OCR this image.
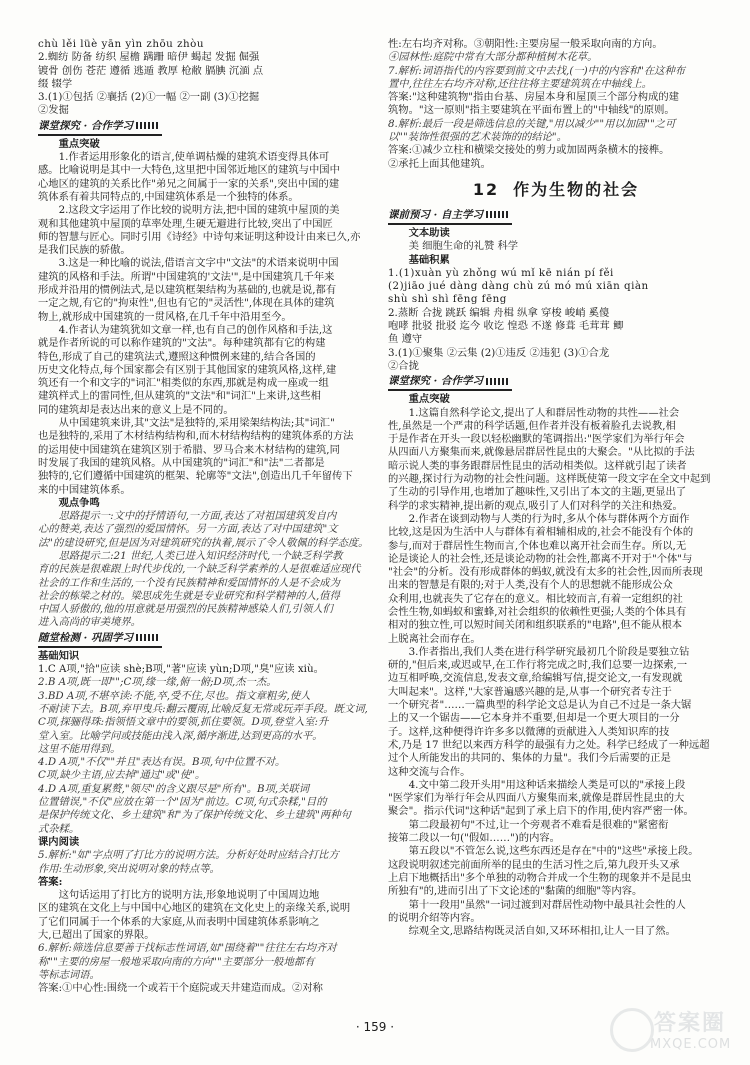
chù lěi lüè yān yìn zhōu zhòu
2.蜘纺 防备 纺织 屋檐 蹒跚 暗伊 蝎起 发掘 倔强
镀骨 创伤 苍茫 遵循 逃遁 教厚 枪敝 膈腆 沉湎 点
缀 辍学
3.(1)①包括 ②襄括 (2)①一幅 ②一副 (3)①挖掘
②发掘
课堂探究 · 合作学习
重点突破
1.作者运用形象化的语言,使单调枯燥的建筑术语变得具体可
感。比喻说明是其中一大特色,这里把中国邻近地区的建筑与中国中
心地区的建筑的关系比作"弟兄之间属于一家的关系",突出中国的建
筑体系有着共同特点的,中国建筑体系是一个独特的体系。
2.这段文字运用了作比较的说明方法,把中国的建筑中屋顶的美
观和其他建筑中屋顶的草率处理,生硬无避进行比较,突出了中国匠
师的智慧与匠心。同时引用《诗经》中诗句来证明这种设计由来已久,亦
是我们民族的骄傲。
3.这是一种比喻的说法,借语言文字中"文法"的术语来说明中国
建筑的风格和手法。所谓"中国建筑的'文法'",是中国建筑几千年来
形成并沿用的惯例法式,是以建筑框架结构为基础的,也就是说,都有
一定之规,有它的"拘束性",但也有它的"灵活性",体现在具体的建筑
物上,就形成中国建筑的一贯风格,在几千年中沿用至今。
4.作者认为建筑犹如文章一样,也有自己的创作风格和手法,这
就是作者所说的可以称作建筑的"文法"。每种建筑都有它的构建
特色,形成了自己的建筑法式,遵照这种惯例来建的,结合各国的
历史文化特点,每个国家都会有区别于其他国家的建筑风格,这样,建
筑还有一个和文字的"词汇"相类似的东西,那就是构成一座或一组
建筑样式上的雷同性,但从建筑的"文法"和"词汇"上来讲,这些相
同的建筑却是表达出来的意义上是不同的。
从中国建筑来讲,其"文法"是独特的,采用梁架结构法;其"词汇"
也是独特的,采用了木材结构结构和,而木材结构结构的建筑体系的方法
的运用使中国建筑在建筑区别于希腊、罗马合来木材结构的建筑,同
时发展了我国的建筑风格。从中国建筑的"词汇"和"法"二者都是
独特的,它们遵循中国建筑的框架、轮廓等"文法",创造出几千年留传下
来的中国建筑体系。
观点争鸣
思路提示一:文中的抒情语句,一方面,表达了对祖国建筑发自内
心的赞美,表达了强烈的爱国情怀。另一方面,表达了对中国建筑"文
法"的建设研究,但是因为对建筑研究的执着,展示了令人敬佩的科学态度。
思路提示二:21 世纪,人类已进入知识经济时代,一个缺乏科学教
育的民族是很难跟上时代步伐的,一个缺乏科学素养的人是很难适应现代
社会的工作和生活的,一个没有民族精神和爱国情怀的人是不会成为
社会的栋梁之材的。梁思成先生就是专业研究和科学精神的人,值得
中国人骄傲的,他的用意就是用强烈的民族精神感染人们,引领人们
进入高尚的审美境界。
随堂检测 · 巩固学习
基础知识
1.C A项,"拾"应读 shè;B项,"著"应读 yùn;D项,"臭"应读 xiù。
2.B A项,既一即"";C项,缘一缘,俯一俯;D项,杰一杰。
3.BD A项,不堪卒读:不能,卒,受不住,尽也。指文章粗劣,使人
不耐读下去。B项,弃甲曳兵:翻云覆雨,比喻反复无常或玩弄手段。既文词,
C项,探骊得珠:指领悟文章中的要领,抓住要领。D项,登堂入室:升
堂入室。比喻学问或技能由浅入深,循序渐进,达到更高的水平。
这里不能用得到。
4.D A项,"不仅""并且"表达有误。B项,句中位置不对。
C项,缺少主语,应去掉"通过"或"使"。
4.D A项,重复累赘,"领尽"的含义跟尽是"所有"。B项,关联词
位置错误,"不仅"应放在第一个"因为"前边。C项,句式杂糅,"目的
是保护传统文化、乡土建筑"和"为了保护传统文化、乡土建筑"两种句
式杂糅。
课内阅读
5.解析:"如"字点明了打比方的说明方法。分析好处时应结合打比方
作用:生动形象,突出说明对象的特点等。
答案:
这句话运用了打比方的说明方法,形象地说明了中国周边地
区的建筑在文化上与中国中心地区的建筑在文化史上的亲缘关系,说明
了它们同属于一个体系的大家庭,从而表明中国建筑体系影响之
大,已超出了国家的界限。
6.解析:筛选信息要善于找标志性词语,如"围绕着""往往左右均齐对
称""主要的房屋一般地采取向南的方向""主要部分一般地都有
等标志词语。
答案:①中心性:围绕一个或若干个庭院或天井建造而成。②对称
性:左右均齐对称。③朝阳性:主要房屋一般采取向南的方向。
④园林性:庭院中常有大部分都种植树木花草。
7.解析:词语指代的内容要到前文中去找,(一)中的内容和"在这种布
置中,往往左右均齐对称,还往往将主要建筑筑在中轴线上。
答案:"这种建筑物"指由台基、房屋本身和屋顶三个部分构成的建
筑物。"这一原则"指主要建筑在平面布置上的"中轴线"的原则。
8.解析:最后一段是筛选信息的关键,"用以减少""用以加固""之可
以""装饰性很强的艺术装饰的的结论"。
答案:①减少立柱和横梁交接处的剪力或加固两条横木的接榫。
②承托上面其他建筑。
12 作为生物的社会
课前预习 · 自主学习
文本助读
美 细胞生命的礼赞 科学
基础积累
1.(1)xuàn yù zhǒng wú mǐ kē nián pí fěi
(2)jiāo jué dàng dàng chù zú mó mú xiān qiàn
shù shì shì fēng fēng
2.蒸断 合拢 跳跃 编辑 舟楫 纵拿 穿梭 峻峭 奚傻
咆哮 批驳 批驳 迄今 收讫 惶恐 不遂 修葺 毛茸茸 鲫
鱼 遵守
3.(1)①聚集 ②云集 (2)①违反 ②违犯 (3)①合龙
②合拢
课堂探究 · 合作学习
重点突破
1.这篇自然科学论文,提出了人和群居性动物的共性——社会
性,虽然是一个严肃的科学话题,但作者并没有板着脸孔去说教,相
于是作者在开头一段以轻松幽默的笔调指出:"医学家们为举行年会
从四面八方聚集而来,就像悬居群居性昆虫的大聚会。"从比拟的手法
暗示说人类的事务跟群居性昆虫的活动相类似。这样就引起了读者
的兴趣,探讨行为动物的社会性问题。这样既使第一段文字在全文中起到
了生动的引导作用,也增加了趣味性,又引出了本文的主题,更显出了
科学的求实精神,提出新的观点,吸引了人们对科学的关注和热爱。
2.作者在谈到动物与人类的行为时,多从个体与群体两个方面作
比较,这是因为生活中人与群体有着相辅相成的,社会不能没有个体的
参与,而对于群居性生物而言,个体也难以离开社会而生存。所以,无
论是谈论人的社会性,还是谈论动物的社会性,都离不开对于"个体"与
"社会"的分析。没有形成群体的蚂蚁,就没有太多的社会性,因而所表现
出来的智慧是有限的;对于人类,没有个人的思想就不能形成公众
众利用,也就丧失了它存在的意义。相比较而言,有着一定组织的社
会性生物,如蚂蚁和蜜蜂,对社会组织的依赖性更强;人类的个体具有
相对的独立性,可以短时间关闭和组织联系的"电路",但不能从根本
上脱离社会而存在。
3.作者指出,我们人类在进行科学研究最初几个阶段是要独立钻
研的,"但后来,或迟或早,在工作行将完成之时,我们总要一边探索,一
边互相呼唤,交流信息,发表文章,给编辑写信,提交论文,一有发现就
大叫起来"。这样,"大家普遍感兴趣的是,从事一个研究者专注于
一个研究者"……一篇典型的科学论文总是认为自己不过是一条大锯
上的又一个锯齿——它本身并不重要,但却是一个更大项目的一分
子。这样,这种便得许许多多以微薄的贡献进入人类知识库的技
术,乃是 17 世纪以来西方科学的最强有力之处。科学已经成了一种远超
过个人所能发出的共同的、集体的力量"。我们今后需要的正是
这种交流与合作。
4.文中第二段开头用"用这种话来描绘人类是可以的"承接上段
"医学家们为举行年会从四面八方聚集而来,就像是群居性昆虫的大
聚会"。指示代词"这种话"起到了承上启下的作用,使内容严密一体。
第二段最初句"不过,让一个旁观者不难看是很难的"紧密衔
接第二段以一句("假如……")的内容。
第五段以"不管怎么说,这些东西还是存在"中的"这些"承接上段。
这段说明叙述完前面所举的昆虫的生活习性之后,第九段开头又承
上启下地概括出"多个单独的动物合并成一个生物的现象并不是昆虫
所独有"的,进而引出了下文论述的"黏菌的细胞"等内容。
第十一段用"虽然"一词过渡到对群居性动物中最具社会性的人
的说明介绍等内容。
综观全文,思路结构既灵活自如,又环环相扣,让人一目了然。
· 159 ·	答案圈
MXQE.COM
